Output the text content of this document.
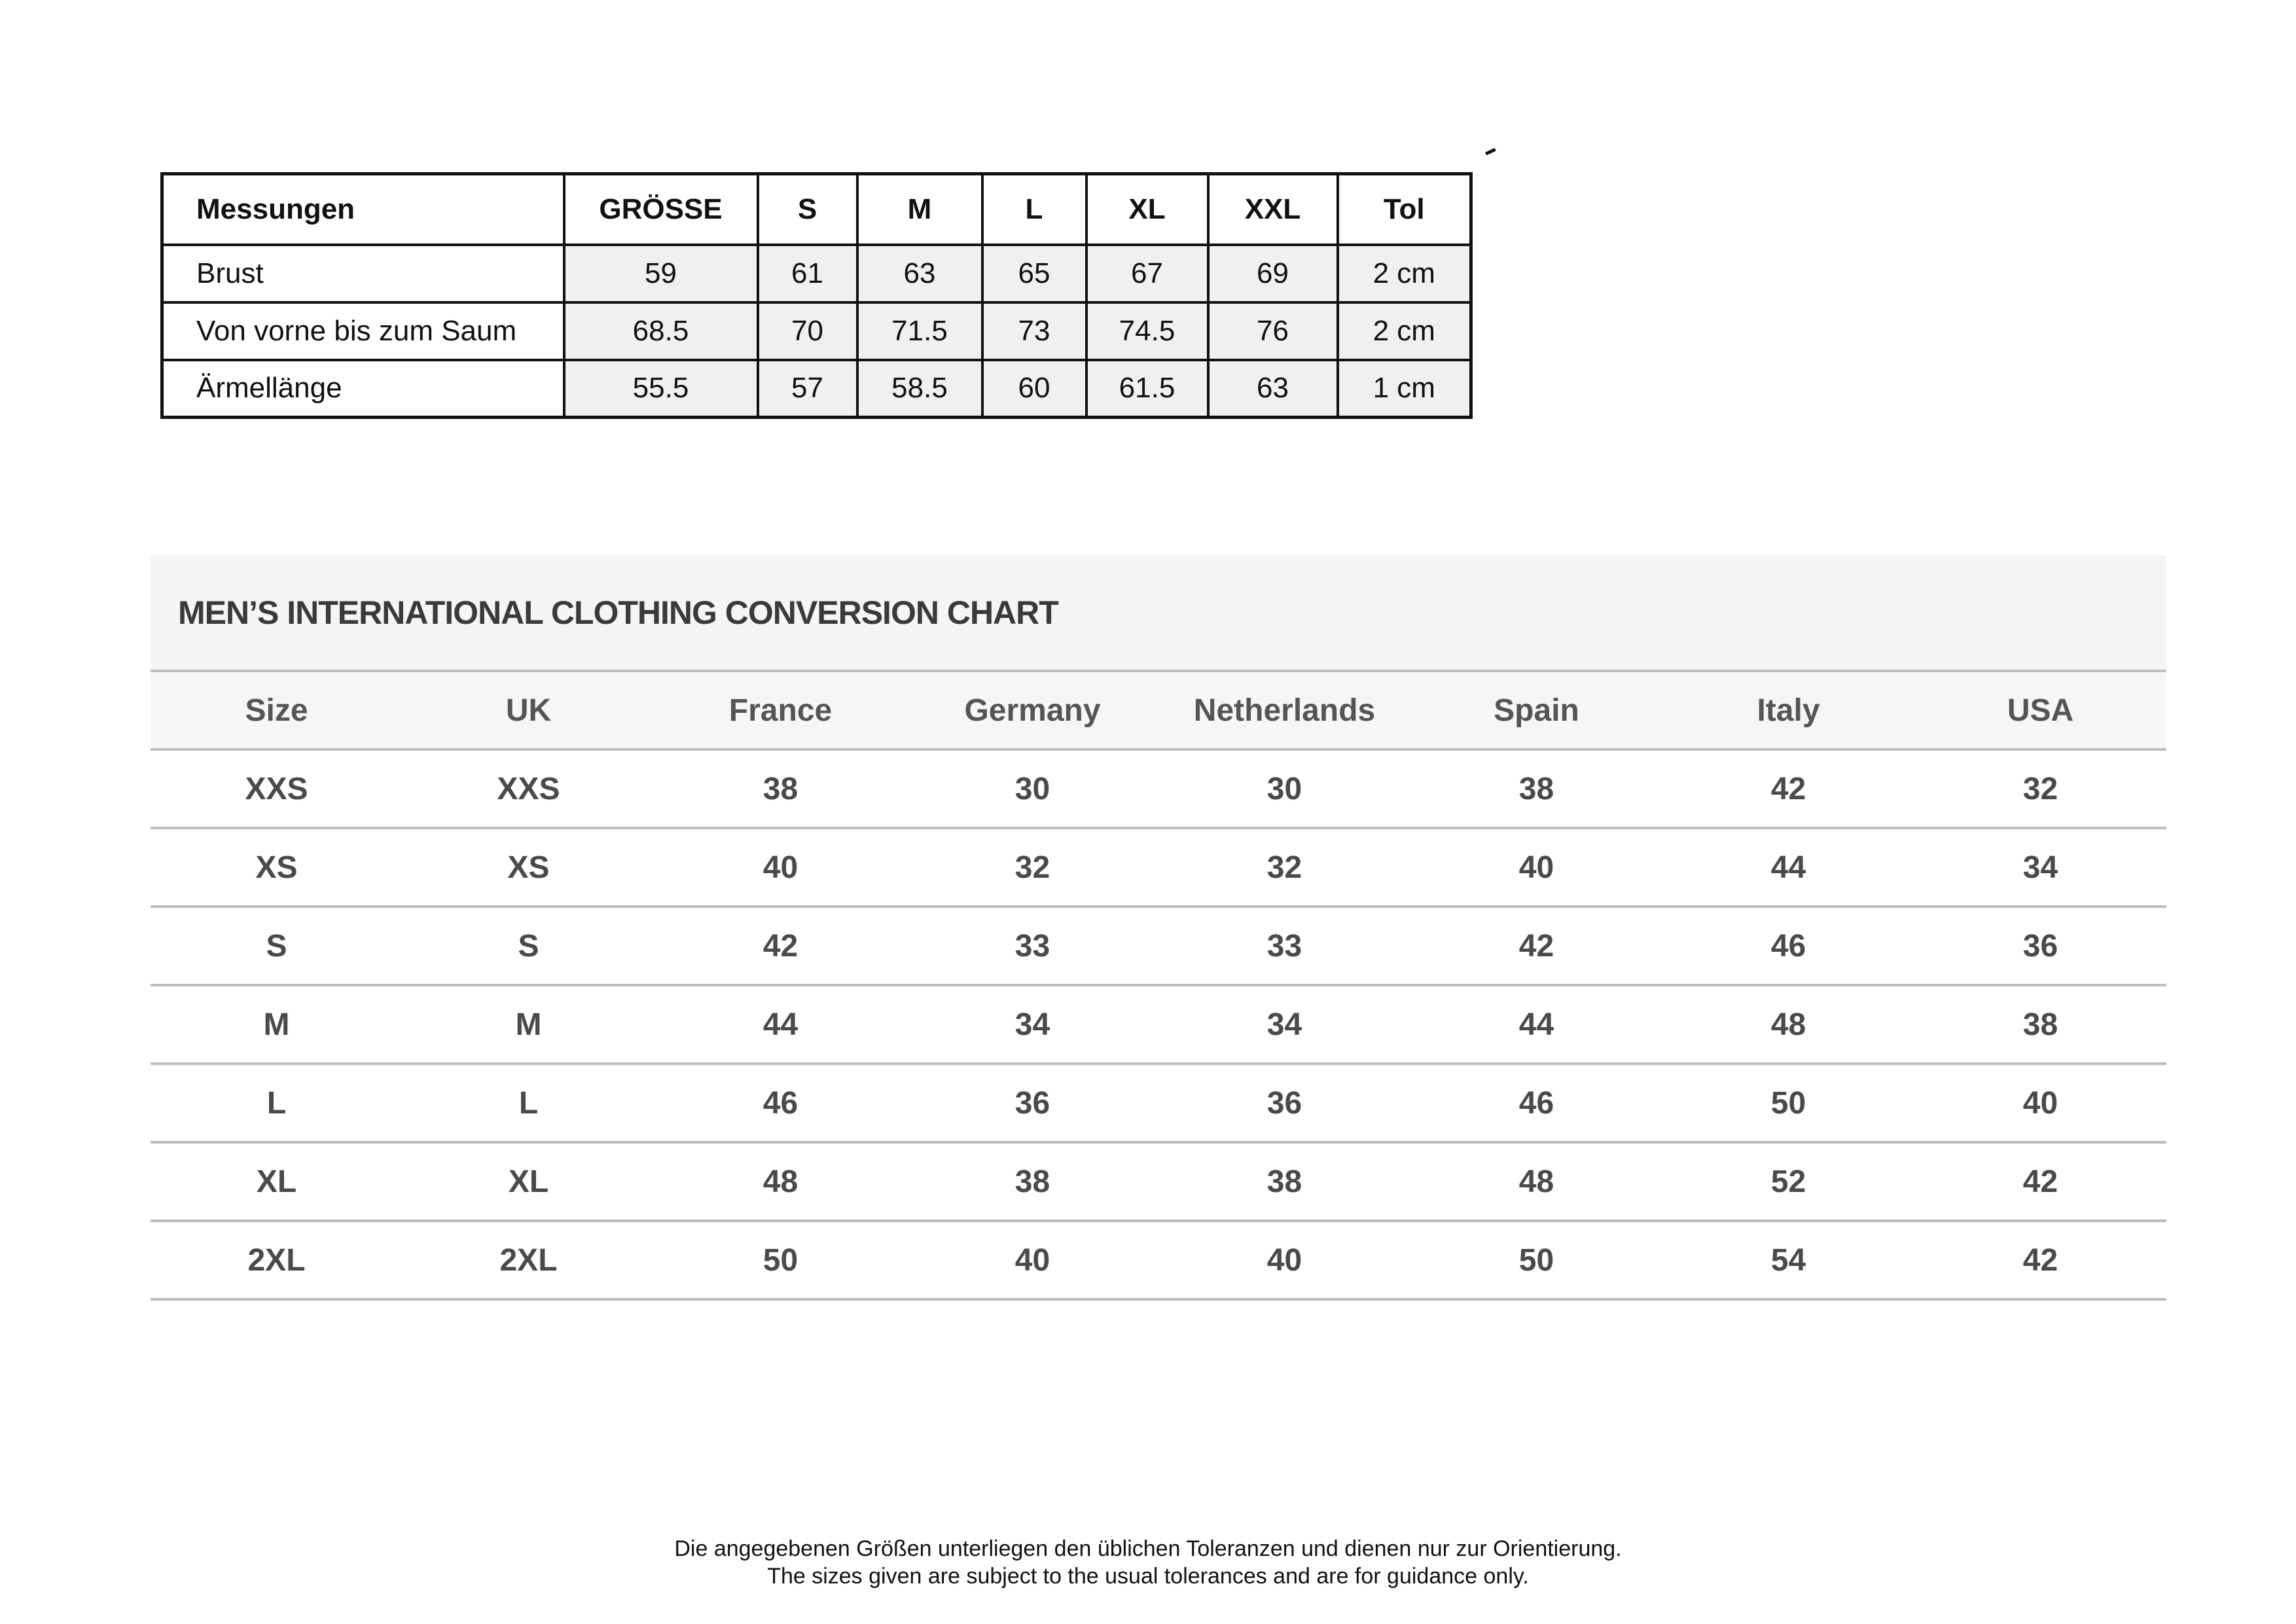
Messungen	GRÖSSE	S	M	L	XL	XXL	Tol
Brust	59	61	63	65	67	69	2 cm
Von vorne bis zum Saum	68.5	70	71.5	73	74.5	76	2 cm
Ärmellänge	55.5	57	58.5	60	61.5	63	1 cm
MEN’S INTERNATIONAL CLOTHING CONVERSION CHART
Size	UK	France	Germany	Netherlands	Spain	Italy	USA
XXS	XXS	38	30	30	38	42	32
XS	XS	40	32	32	40	44	34
S	S	42	33	33	42	46	36
M	M	44	34	34	44	48	38
L	L	46	36	36	46	50	40
XL	XL	48	38	38	48	52	42
2XL	2XL	50	40	40	50	54	42
Die angegebenen Größen unterliegen den üblichen Toleranzen und dienen nur zur Orientierung.
The sizes given are subject to the usual tolerances and are for guidance only.
